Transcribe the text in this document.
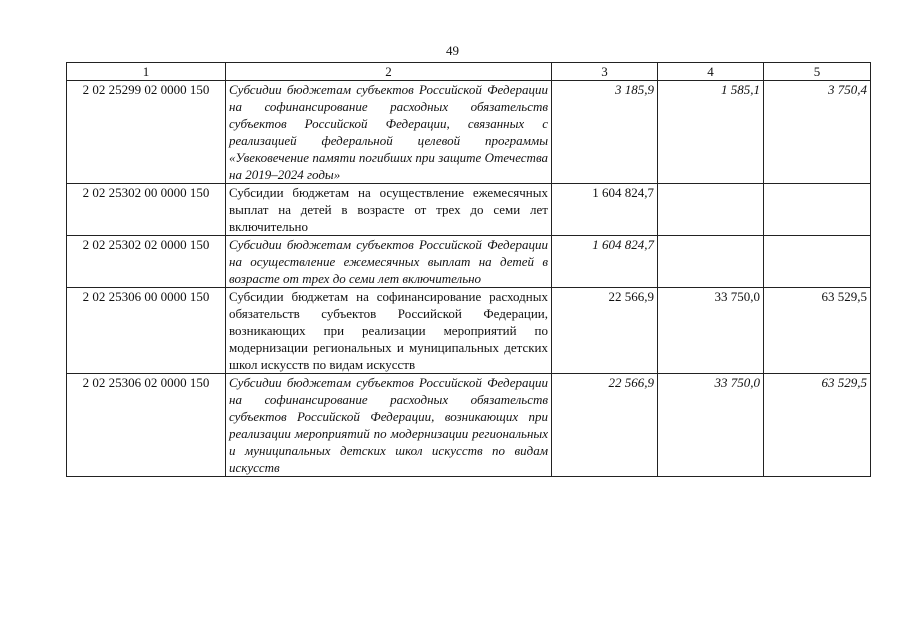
49
1	2	3	4	5
2 02 25299 02 0000 150	Субсидии бюджетам субъектов Российской Федерации на софинансирование расходных обязательств субъектов Российской Федерации, связанных с реализацией федеральной целевой программы «Увековечение памяти погибших при защите Отечества на 2019–2024 годы»	3 185,9	1 585,1	3 750,4
2 02 25302 00 0000 150	Субсидии бюджетам на осуществление ежемесячных выплат на детей в возрасте от трех до семи лет включительно	1 604 824,7		
2 02 25302 02 0000 150	Субсидии бюджетам субъектов Российской Федерации на осуществление ежемесячных выплат на детей в возрасте от трех до семи лет включительно	1 604 824,7		
2 02 25306 00 0000 150	Субсидии бюджетам на софинансирование расходных обязательств субъектов Российской Федерации, возникающих при реализации мероприятий по модернизации региональных и муниципальных детских школ искусств по видам искусств	22 566,9	33 750,0	63 529,5
2 02 25306 02 0000 150	Субсидии бюджетам субъектов Российской Федерации на софинансирование расходных обязательств субъектов Российской Федерации, возникающих при реализации мероприятий по модернизации региональных и муниципальных детских школ искусств по видам искусств	22 566,9	33 750,0	63 529,5
